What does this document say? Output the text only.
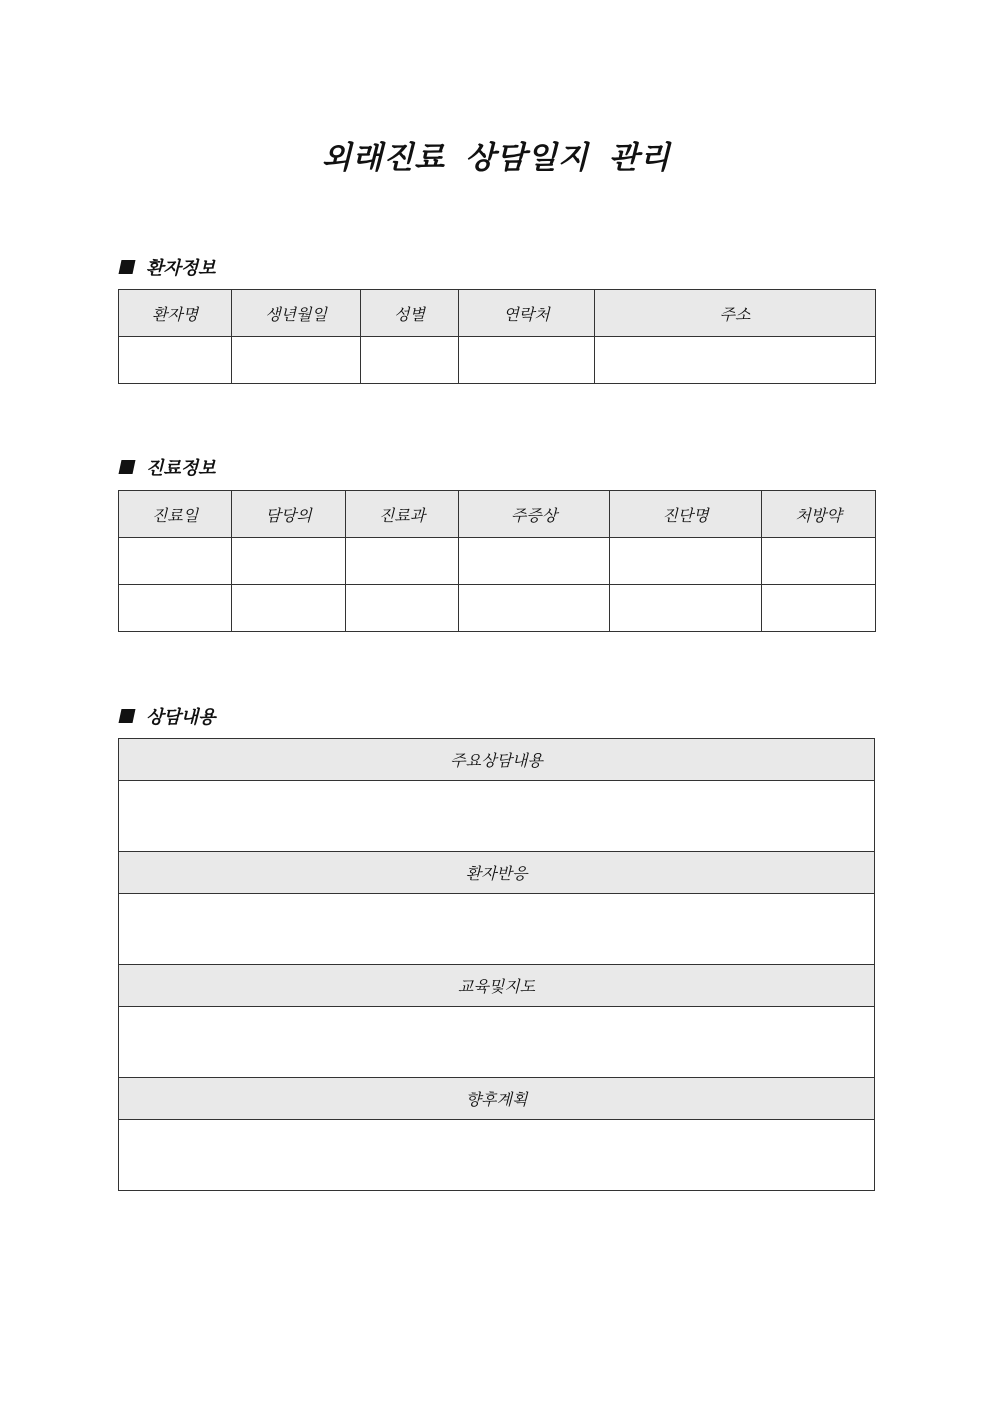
외래진료 상담일지 관리
환자정보
환자명	생년월일	성별	연락처	주소

진료정보
진료일	담당의	진료과	주증상	진단명	처방약

상담내용
주요상담내용

환자반응

교육및지도

향후계획
